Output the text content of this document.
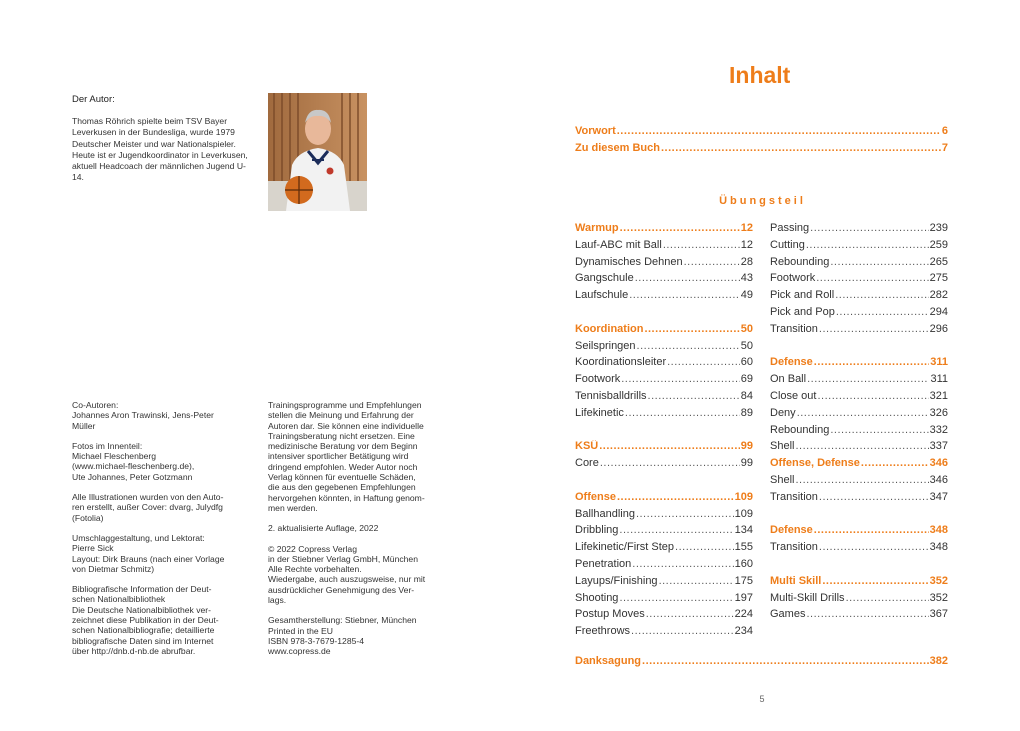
Der Autor:
Thomas Röhrich spielte beim TSV Bayer Leverkusen in der Bundesliga, wurde 1979 Deutscher Meister und war Nationalspieler. Heute ist er Jugendkoordinator in Leverkusen, aktuell Headcoach der männlichen Jugend U-14.
Co-Autoren:
Johannes Aron Trawinski, Jens-Peter
Müller
Fotos im Innenteil:
Michael Fleschenberg
(www.michael-fleschenberg.de),
Ute Johannes, Peter Gotzmann
Alle Illustrationen wurden von den Auto-
ren erstellt, außer Cover: dvarg, Julydfg
(Fotolia)
Umschlaggestaltung, und Lektorat:
Pierre Sick
Layout: Dirk Brauns (nach einer Vorlage
von Dietmar Schmitz)
Bibliografische Information der Deut-
schen Nationalbibliothek
Die Deutsche Nationalbibliothek ver-
zeichnet diese Publikation in der Deut-
schen Nationalbibliografie; detaillierte
bibliografische Daten sind im Internet
über http://dnb.d-nb.de abrufbar.
Trainingsprogramme und Empfehlungen
stellen die Meinung und Erfahrung der
Autoren dar. Sie können eine individuelle
Trainingsberatung nicht ersetzen. Eine
medizinische Beratung vor dem Beginn
intensiver sportlicher Betätigung wird
dringend empfohlen. Weder Autor noch
Verlag können für eventuelle Schäden,
die aus den gegebenen Empfehlungen
hervorgehen könnten, in Haftung genom-
men werden.
2. aktualisierte Auflage, 2022
© 2022 Copress Verlag
in der Stiebner Verlag GmbH, München
Alle Rechte vorbehalten.
Wiedergabe, auch auszugsweise, nur mit
ausdrücklicher Genehmigung des Ver-
lags.
Gesamtherstellung: Stiebner, München
Printed in the EU
ISBN 978-3-7679-1285-4
www.copress.de
Inhalt
Vorwort .....	6
Zu diesem Buch .....	7
Übungsteil
Warmup .....	12
Lauf-ABC mit Ball .....	12
Dynamisches Dehnen .....	28
Gangschule .....	43
Laufschule .....	49
Koordination .....	50
Seilspringen .....	50
Koordinationsleiter .....	60
Footwork .....	69
Tennisballdrills .....	84
Lifekinetic .....	89
KSÜ .....	99
Core .....	99
Offense .....	109
Ballhandling .....	109
Dribbling .....	134
Lifekinetic/First Step .....	155
Penetration .....	160
Layups/Finishing .....	175
Shooting .....	197
Postup Moves .....	224
Freethrows .....	234
Passing .....	239
Cutting .....	259
Rebounding .....	265
Footwork .....	275
Pick and Roll .....	282
Pick and Pop .....	294
Transition .....	296
Defense .....	311
On Ball .....	311
Close out .....	321
Deny .....	326
Rebounding .....	332
Shell .....	337
Offense, Defense .....	346
Shell .....	346
Transition .....	347
Defense .....	348
Transition .....	348
Multi Skill .....	352
Multi-Skill Drills .....	352
Games .....	367
Danksagung .....	382
5
